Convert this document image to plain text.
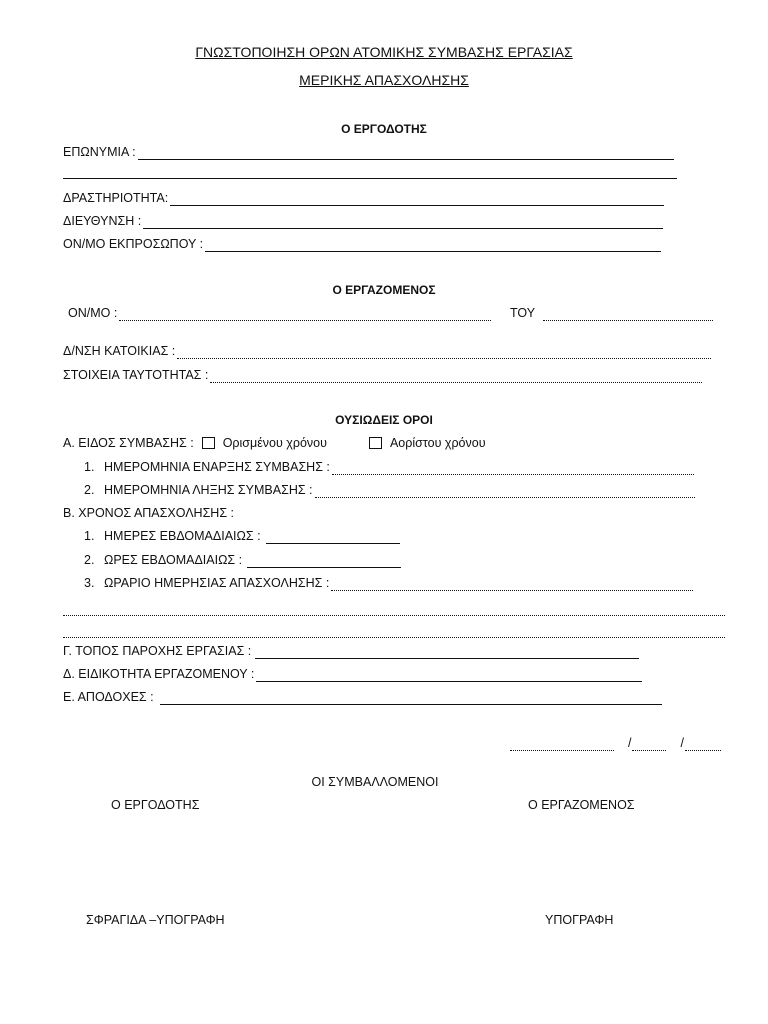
ΓΝΩΣΤΟΠΟΙΗΣΗ ΟΡΩΝ ΑΤΟΜΙΚΗΣ ΣΥΜΒΑΣΗΣ ΕΡΓΑΣΙΑΣ
ΜΕΡΙΚΗΣ ΑΠΑΣΧΟΛΗΣΗΣ
Ο ΕΡΓΟΔΟΤΗΣ
ΕΠΩΝΥΜΙΑ :
ΔΡΑΣΤΗΡΙΟΤΗΤΑ:
ΔΙΕΥΘΥΝΣΗ :
ΟΝ/ΜΟ ΕΚΠΡΟΣΩΠΟΥ :
Ο ΕΡΓΑΖΟΜΕΝΟΣ
ΟΝ/ΜΟ :	ΤΟΥ
Δ/ΝΣΗ ΚΑΤΟΙΚΙΑΣ :
ΣΤΟΙΧΕΙΑ ΤΑΥΤΟΤΗΤΑΣ :
ΟΥΣΙΩΔΕΙΣ ΟΡΟΙ
Α. ΕΙΔΟΣ ΣΥΜΒΑΣΗΣ : Ορισμένου χρόνου	Αορίστου χρόνου
1. ΗΜΕΡΟΜΗΝΙΑ ΕΝΑΡΞΗΣ ΣΥΜΒΑΣΗΣ :
2. ΗΜΕΡΟΜΗΝΙΑ ΛΗΞΗΣ ΣΥΜΒΑΣΗΣ :
Β. ΧΡΟΝΟΣ ΑΠΑΣΧΟΛΗΣΗΣ :
1. ΗΜΕΡΕΣ ΕΒΔΟΜΑΔΙΑΙΩΣ :
2. ΩΡΕΣ ΕΒΔΟΜΑΔΙΑΙΩΣ :
3. ΩΡΑΡΙΟ ΗΜΕΡΗΣΙΑΣ ΑΠΑΣΧΟΛΗΣΗΣ :
Γ. ΤΟΠΟΣ ΠΑΡΟΧΗΣ ΕΡΓΑΣΙΑΣ :
Δ. ΕΙΔΙΚΟΤΗΤΑ ΕΡΓΑΖΟΜΕΝΟΥ :
Ε. ΑΠΟΔΟΧΕΣ :
/	/
ΟΙ ΣΥΜΒΑΛΛΟΜΕΝΟΙ
Ο ΕΡΓΟΔΟΤΗΣ	Ο ΕΡΓΑΖΟΜΕΝΟΣ
ΣΦΡΑΓΙΔΑ –ΥΠΟΓΡΑΦΗ	ΥΠΟΓΡΑΦΗ
